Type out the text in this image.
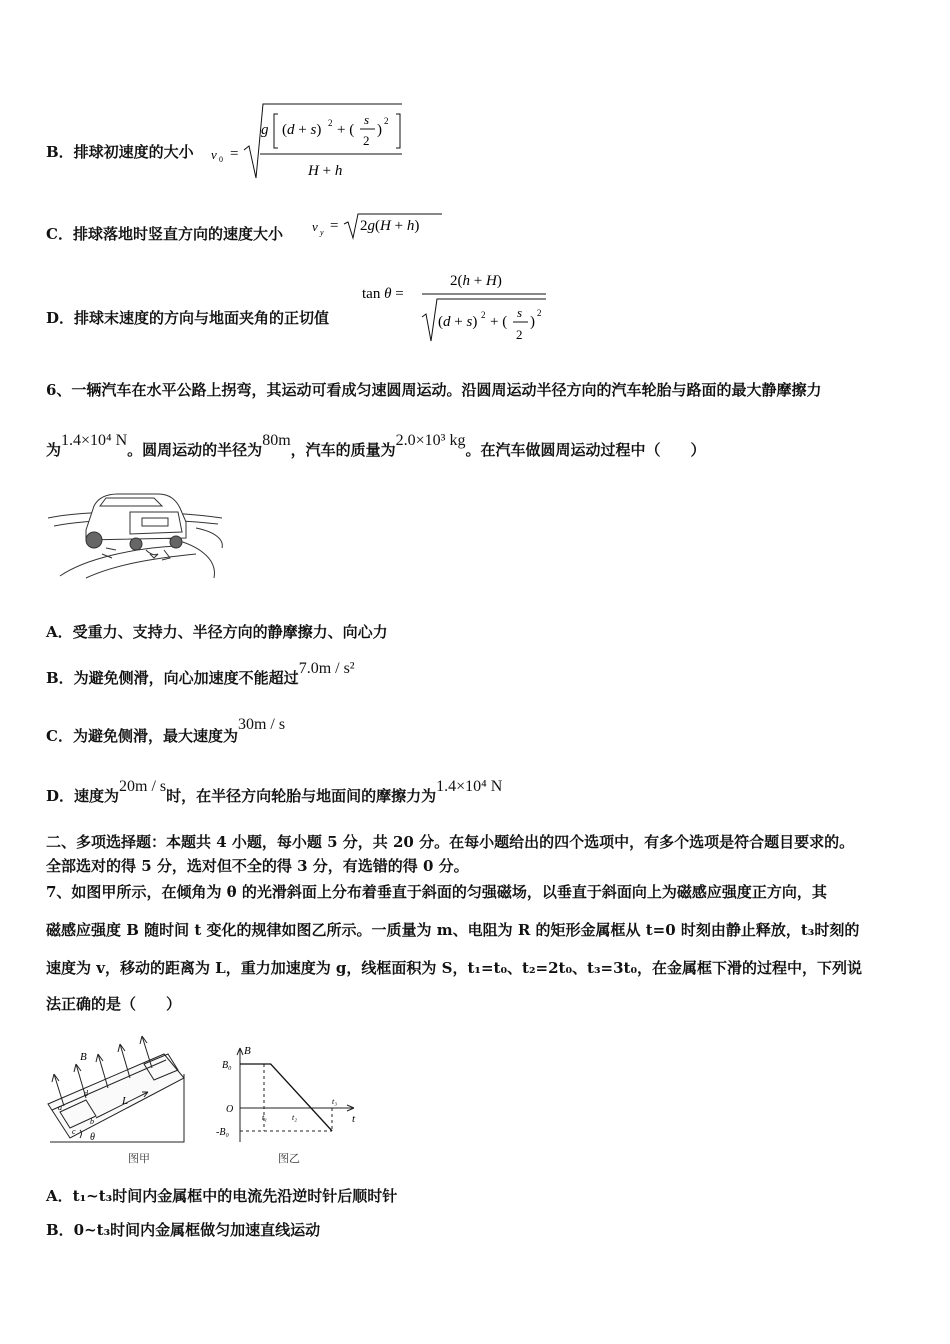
B．排球初速度的大小 v 0 =
g (d + s) 2 + (
s
2
)
2
H + h
C．排球落地时竖直方向的速度大小 v y = 2g(H + h)
D．排球末速度的方向与地面夹角的正切值
tan θ =
2(h + H)
(d + s) 2 + (
s
2
)
2
6、一辆汽车在水平公路上拐弯，其运动可看成匀速圆周运动。沿圆周运动半径方向的汽车轮胎与路面的最大静摩擦力
为1.4×10⁴ N。圆周运动的半径为80m，汽车的质量为2.0×10³ kg。在汽车做圆周运动过程中（　　）
A．受重力、支持力、半径方向的静摩擦力、向心力
B．为避免侧滑，向心加速度不能超过7.0m / s²
C．为避免侧滑，最大速度为30m / s
D．速度为20m / s时，在半径方向轮胎与地面间的摩擦力为1.4×10⁴ N
二、多项选择题：本题共 4 小题，每小题 5 分，共 20 分。在每小题给出的四个选项中，有多个选项是符合题目要求的。
全部选对的得 5 分，选对但不全的得 3 分，有选错的得 0 分。
7、如图甲所示，在倾角为 θ 的光滑斜面上分布着垂直于斜面的匀强磁场，以垂直于斜面向上为磁感应强度正方向，其
磁感应强度 B 随时间 t 变化的规律如图乙所示。一质量为 m、电阻为 R 的矩形金属框从 t=0 时刻由静止释放，t₃时刻的
速度为 v，移动的距离为 L，重力加速度为 g，线框面积为 S，t₁=t₀、t₂=2t₀、t₃=3t₀，在金属框下滑的过程中，下列说
法正确的是（　　）
B
L
θ
a
b
c
d
图甲
B
t
B₀
-B₀
O
t₁	t₂
t₃
图乙
A．t₁~t₃时间内金属框中的电流先沿逆时针后顺时针
B．0~t₃时间内金属框做匀加速直线运动
